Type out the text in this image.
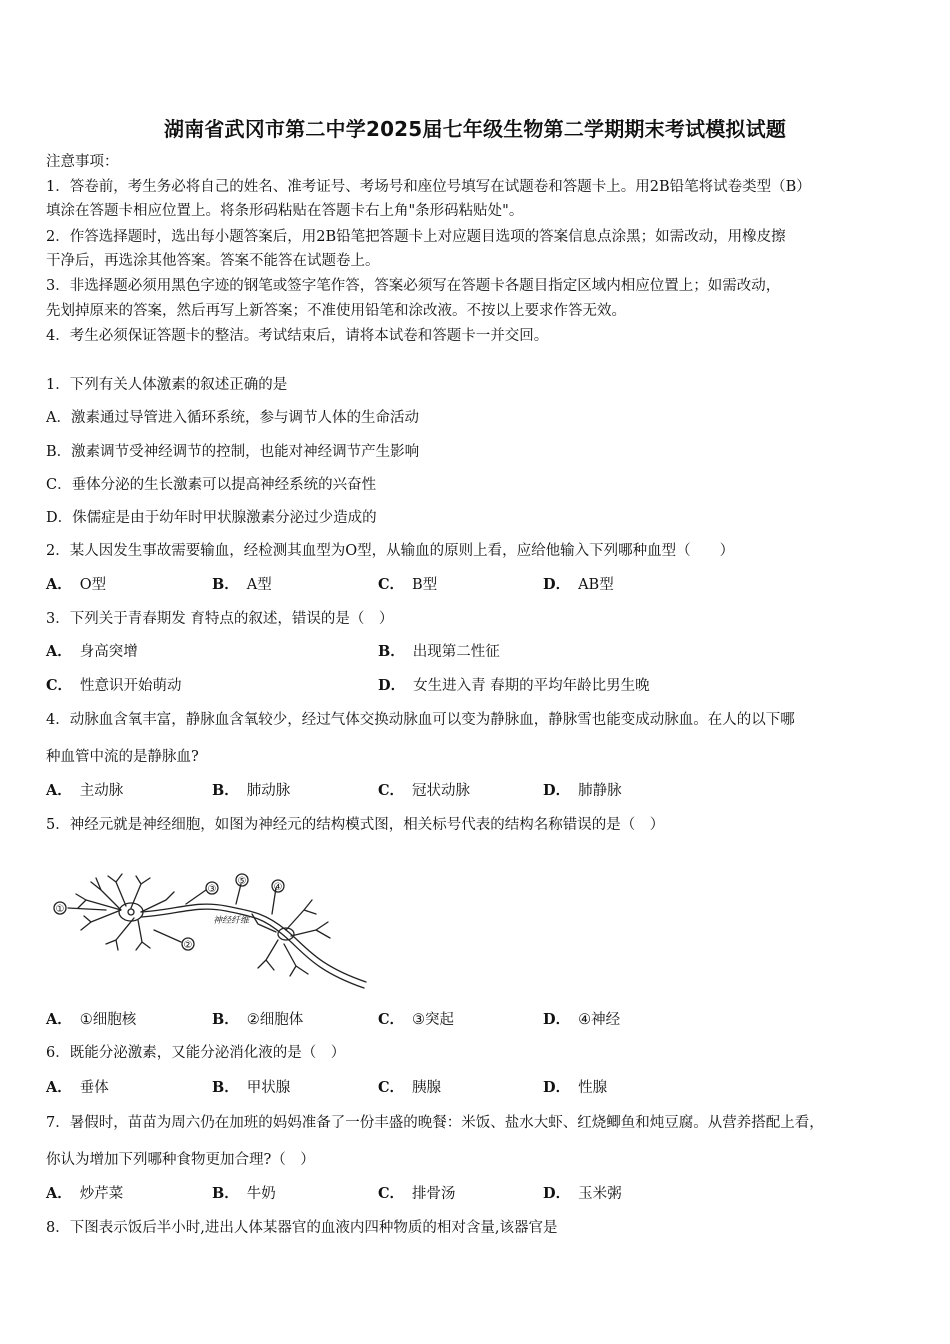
湖南省武冈市第二中学2025届七年级生物第二学期期末考试模拟试题
注意事项：
1．答卷前，考生务必将自己的姓名、准考证号、考场号和座位号填写在试题卷和答题卡上。用2B铅笔将试卷类型（B）
填涂在答题卡相应位置上。将条形码粘贴在答题卡右上角"条形码粘贴处"。
2．作答选择题时，选出每小题答案后，用2B铅笔把答题卡上对应题目选项的答案信息点涂黑；如需改动，用橡皮擦
干净后，再选涂其他答案。答案不能答在试题卷上。
3．非选择题必须用黑色字迹的钢笔或签字笔作答，答案必须写在答题卡各题目指定区域内相应位置上；如需改动，
先划掉原来的答案，然后再写上新答案；不准使用铅笔和涂改液。不按以上要求作答无效。
4．考生必须保证答题卡的整洁。考试结束后，请将本试卷和答题卡一并交回。
1．下列有关人体激素的叙述正确的是
A．激素通过导管进入循环系统，参与调节人体的生命活动
B．激素调节受神经调节的控制，也能对神经调节产生影响
C．垂体分泌的生长激素可以提高神经系统的兴奋性
D．侏儒症是由于幼年时甲状腺激素分泌过少造成的
2．某人因发生事故需要输血，经检测其血型为O型，从输血的原则上看，应给他输入下列哪种血型（　　）
A． O型	B． A型	C． B型	D． AB型
3．下列关于青春期发 育特点的叙述，错误的是（　）
A． 身高突增	B． 出现第二性征
C． 性意识开始萌动	D． 女生进入青 春期的平均年龄比男生晚
4．动脉血含氧丰富，静脉血含氧较少，经过气体交换动脉血可以变为静脉血，静脉雪也能变成动脉血。在人的以下哪
种血管中流的是静脉血?
A． 主动脉	B． 肺动脉	C． 冠状动脉	D． 肺静脉
5．神经元就是神经细胞，如图为神经元的结构模式图，相关标号代表的结构名称错误的是（　）
①
②
③	④
⑤
神经纤维
A． ①细胞核	B． ②细胞体	C． ③突起	D． ④神经
6．既能分泌激素，又能分泌消化液的是（　）
A． 垂体	B． 甲状腺	C． 胰腺	D． 性腺
7．暑假时，苗苗为周六仍在加班的妈妈准备了一份丰盛的晚餐：米饭、盐水大虾、红烧鲫鱼和炖豆腐。从营养搭配上看，
你认为增加下列哪种食物更加合理?（　）
A． 炒芹菜	B． 牛奶	C． 排骨汤	D． 玉米粥
8．下图表示饭后半小时,进出人体某器官的血液内四种物质的相对含量,该器官是
